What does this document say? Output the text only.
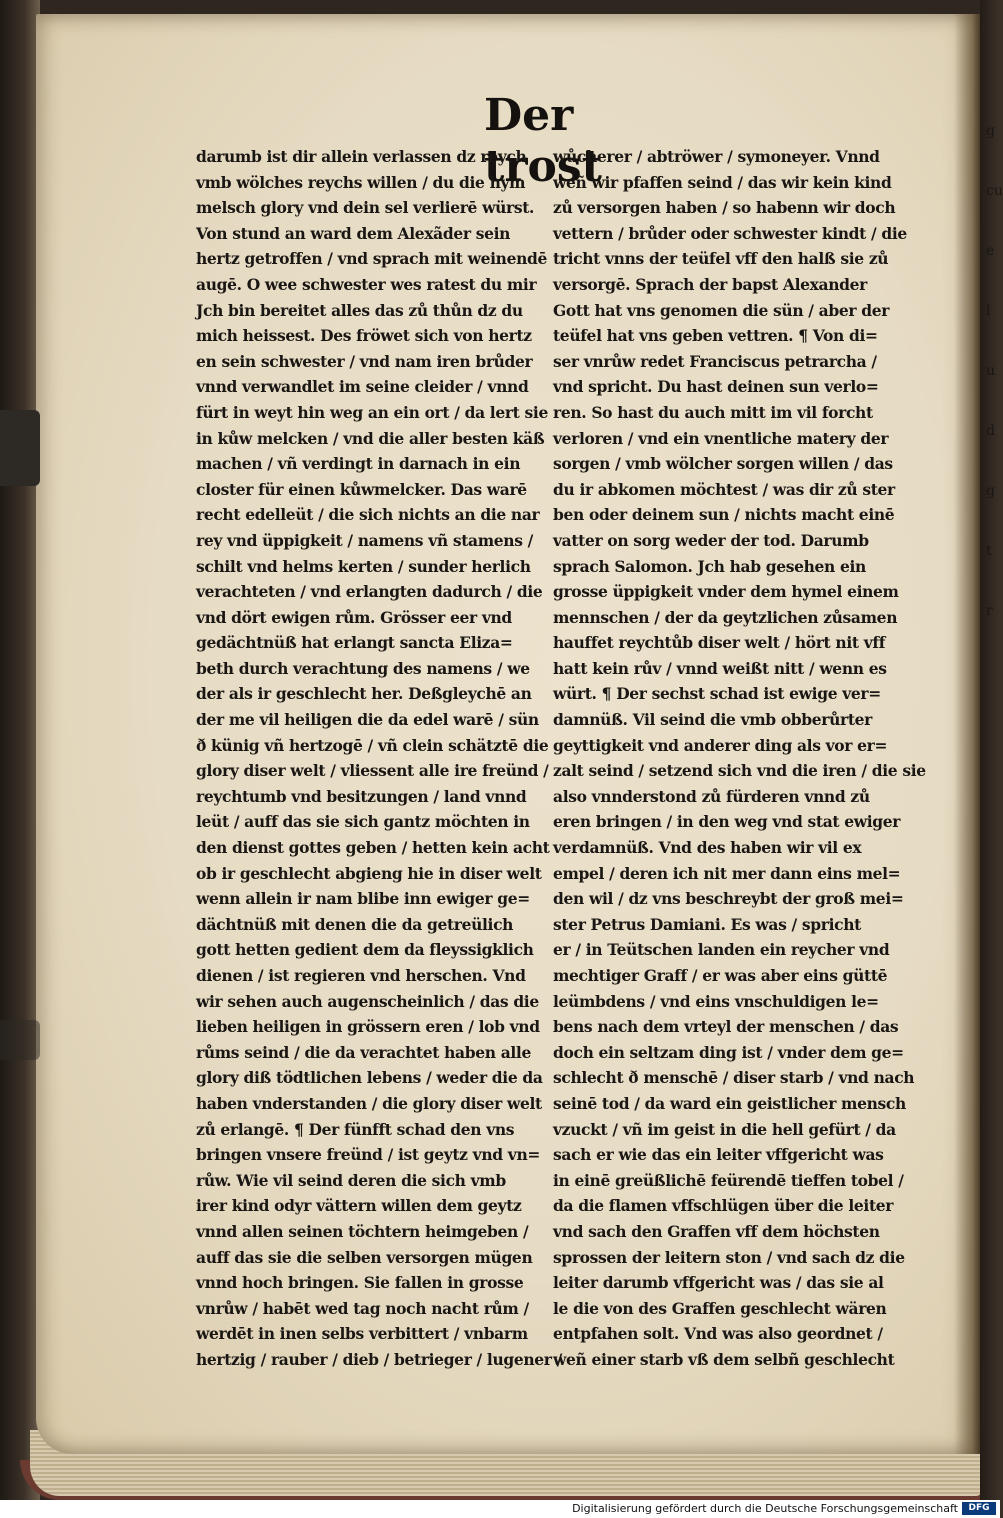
Der trost
darumb ist dir allein verlassen dz reych
vmb wölches reychs willen / du die hym
melsch glory vnd dein sel verlierē würst.
Von stund an ward dem Alexãder sein
hertz getroffen / vnd sprach mit weinendē
augē. O wee schwester wes ratest du mir
Jch bin bereitet alles das zů thůn dz du
mich heissest. Des fröwet sich von hertz
en sein schwester / vnd nam iren brůder
vnnd verwandlet im seine cleider / vnnd
fürt in weyt hin weg an ein ort / da lert sie
in kůw melcken / vnd die aller besten käß
machen / vñ verdingt in darnach in ein
closter für einen kůwmelcker. Das warē
recht edelleüt / die sich nichts an die nar
rey vnd üppigkeit / namens vñ stamens /
schilt vnd helms kerten / sunder herlich
verachteten / vnd erlangten dadurch / die
vnd dört ewigen rům. Grösser eer vnd
gedächtnüß hat erlangt sancta Eliza=
beth durch verachtung des namens / we
der als ir geschlecht her. Deßgleychē an
der me vil heiligen die da edel warē / sün
ð künig vñ hertzogē / vñ clein schätztē die
glory diser welt / vliessent alle ire freünd /
reychtumb vnd besitzungen / land vnnd
leüt / auff das sie sich gantz möchten in
den dienst gottes geben / hetten kein acht
ob ir geschlecht abgieng hie in diser welt
wenn allein ir nam blibe inn ewiger ge=
dächtnüß mit denen die da getreülich
gott hetten gedient dem da fleyssigklich
dienen / ist regieren vnd herschen. Vnd
wir sehen auch augenscheinlich / das die
lieben heiligen in grössern eren / lob vnd
růms seind / die da verachtet haben alle
glory diß tödtlichen lebens / weder die da
haben vnderstanden / die glory diser welt
zů erlangē. ¶ Der fünfft schad den vns
bringen vnsere freünd / ist geytz vnd vn=
růw. Wie vil seind deren die sich vmb
irer kind odyr vättern willen dem geytz
vnnd allen seinen töchtern heimgeben /
auff das sie die selben versorgen mügen
vnnd hoch bringen. Sie fallen in grosse
vnrůw / habēt wed tag noch nacht rům /
werdēt in inen selbs verbittert / vnbarm
hertzig / rauber / dieb / betrieger / lugener /
wůcherer / abtröwer / symoneyer. Vnnd
weñ wir pfaffen seind / das wir kein kind
zů versorgen haben / so habenn wir doch
vettern / brůder oder schwester kindt / die
tricht vnns der teüfel vff den halß sie zů
versorgē. Sprach der bapst Alexander
Gott hat vns genomen die sün / aber der
teüfel hat vns geben vettren. ¶ Von di=
ser vnrůw redet Franciscus petrarcha /
vnd spricht. Du hast deinen sun verlo=
ren. So hast du auch mitt im vil forcht
verloren / vnd ein vnentliche matery der
sorgen / vmb wölcher sorgen willen / das
du ir abkomen möchtest / was dir zů ster
ben oder deinem sun / nichts macht einē
vatter on sorg weder der tod. Darumb
sprach Salomon. Jch hab gesehen ein
grosse üppigkeit vnder dem hymel einem
mennschen / der da geytzlichen zůsamen
hauffet reychtůb diser welt / hört nit vff
hatt kein rův / vnnd weißt nitt / wenn es
würt. ¶ Der sechst schad ist ewige ver=
damnüß. Vil seind die vmb obberůrter
geyttigkeit vnd anderer ding als vor er=
zalt seind / setzend sich vnd die iren / die sie
also vnnderstond zů fürderen vnnd zů
eren bringen / in den weg vnd stat ewiger
verdamnüß. Vnd des haben wir vil ex
empel / deren ich nit mer dann eins mel=
den wil / dz vns beschreybt der groß mei=
ster Petrus Damiani. Es was / spricht
er / in Teütschen landen ein reycher vnd
mechtiger Graff / er was aber eins güttē
leümbdens / vnd eins vnschuldigen le=
bens nach dem vrteyl der menschen / das
doch ein seltzam ding ist / vnder dem ge=
schlecht ð menschē / diser starb / vnd nach
seinē tod / da ward ein geistlicher mensch
vzuckt / vñ im geist in die hell gefürt / da
sach er wie das ein leiter vffgericht was
in einē greüßlichē feürendē tieffen tobel /
da die flamen vffschlügen über die leiter
vnd sach den Graffen vff dem höchsten
sprossen der leitern ston / vnd sach dz die
leiter darumb vffgericht was / das sie al
le die von des Graffen geschlecht wären
entpfahen solt. Vnd was also geordnet /
weñ einer starb vß dem selbñ geschlecht
g
cu
e
l
u
d
g
t
r
Digitalisierung gefördert durch die Deutsche Forschungsgemeinschaft	DFG
